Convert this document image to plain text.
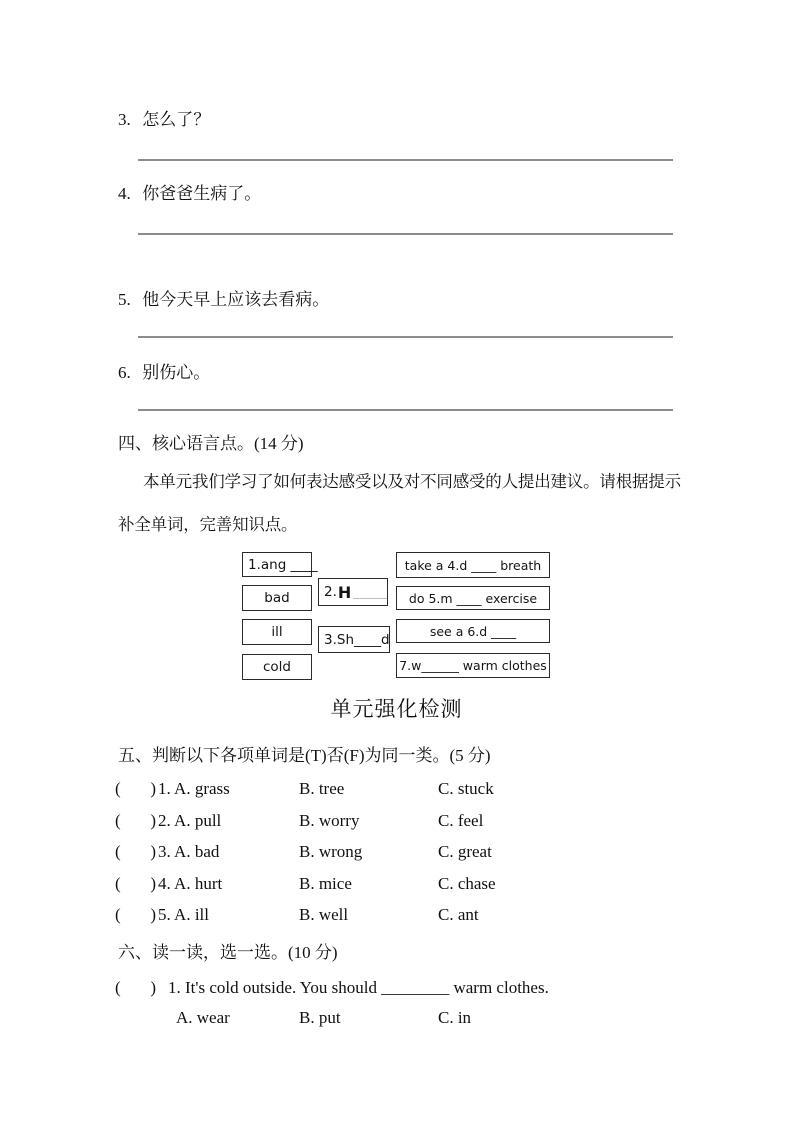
3. 怎么了？
4. 你爸爸生病了。
5. 他今天早上应该去看病。
6. 别伤心。
四、核心语言点。(14 分)
本单元我们学习了如何表达感受以及对不同感受的人提出建议。请根据提示
补全单词，完善知识点。
1.ang ____
bad
ill
cold
2. H
3.Sh____d
take a 4.d ____ breath
do 5.m ____ exercise
see a 6.d ____
7.w______ warm clothes
单元强化检测
五、判断以下各项单词是(T)否(F)为同一类。(5 分)
(       ) 1. A. grass	B. tree	C. stuck
(       ) 2. A. pull	B. worry	C. feel
(       ) 3. A. bad	B. wrong	C. great
(       ) 4. A. hurt	B. mice	C. chase
(       ) 5. A. ill	B. well	C. ant
六、读一读，选一选。(10 分)
(       ) 1. It's cold outside. You should ________ warm clothes.
A. wear	B. put	C. in
